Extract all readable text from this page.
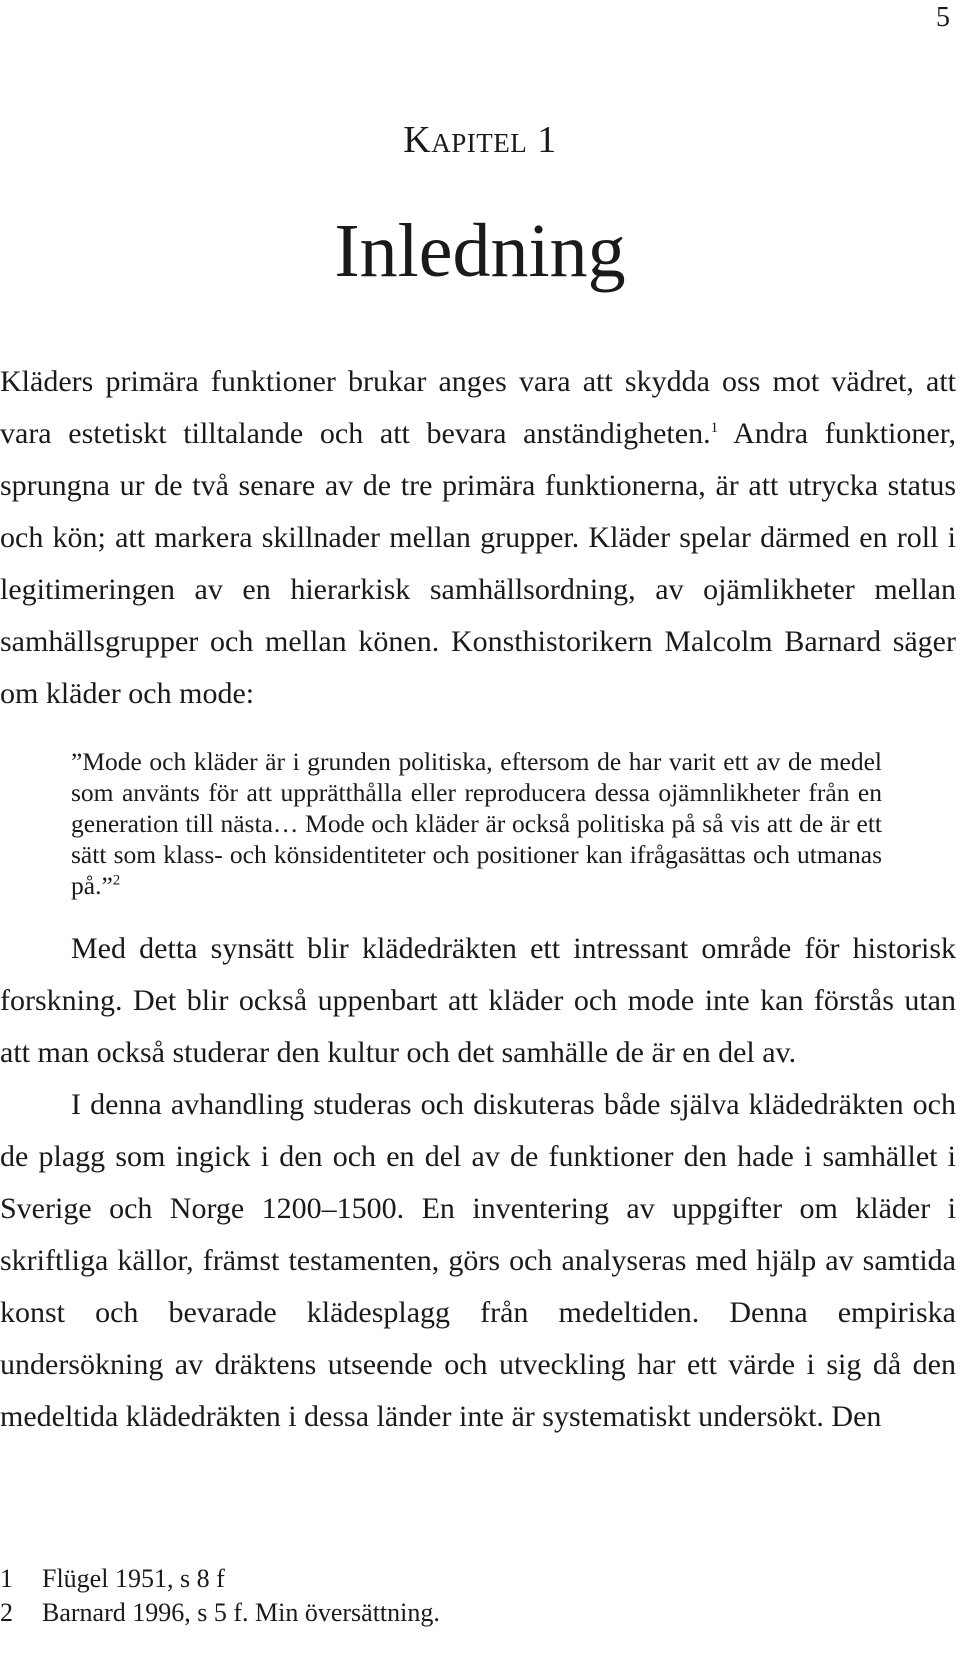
5
KAPITEL 1
Inledning

Kläders primära funktioner brukar anges vara att skydda oss mot vädret, att vara estetiskt tilltalande och att bevara anständigheten.$^1$ Andra funktioner, sprungna ur de två senare av de tre primära funktionerna, är att utrycka status och kön; att markera skillnader mellan grupper. Kläder spelar därmed en roll i legitimeringen av en hierarkisk samhällsordning, av ojämlikheter mellan samhällsgrupper och mellan könen. Konsthistorikern Malcolm Barnard säger om kläder och mode:

”Mode och kläder är i grunden politiska, eftersom de har varit ett av de medel som använts för att upprätthålla eller reproducera dessa ojämnlikheter från en generation till nästa… Mode och kläder är också politiska på så vis att de är ett sätt som klass- och könsidentiteter och positioner kan ifrågasättas och utmanas på.”$^2$

Med detta synsätt blir klädedräkten ett intressant område för historisk forskning. Det blir också uppenbart att kläder och mode inte kan förstås utan att man också studerar den kultur och det samhälle de är en del av.

I denna avhandling studeras och diskuteras både själva klädedräkten och de plagg som ingick i den och en del av de funktioner den hade i samhället i Sverige och Norge 1200–1500. En inventering av uppgifter om kläder i skriftliga källor, främst testamenten, görs och analyseras med hjälp av samtida konst och bevarade klädesplagg från medeltiden. Denna empiriska undersökning av dräktens utseende och utveckling har ett värde i sig då den medeltida klädedräkten i dessa länder inte är systematiskt undersökt. Den

1 Flügel 1951, s 8 f
2 Barnard 1996, s 5 f. Min översättning.
